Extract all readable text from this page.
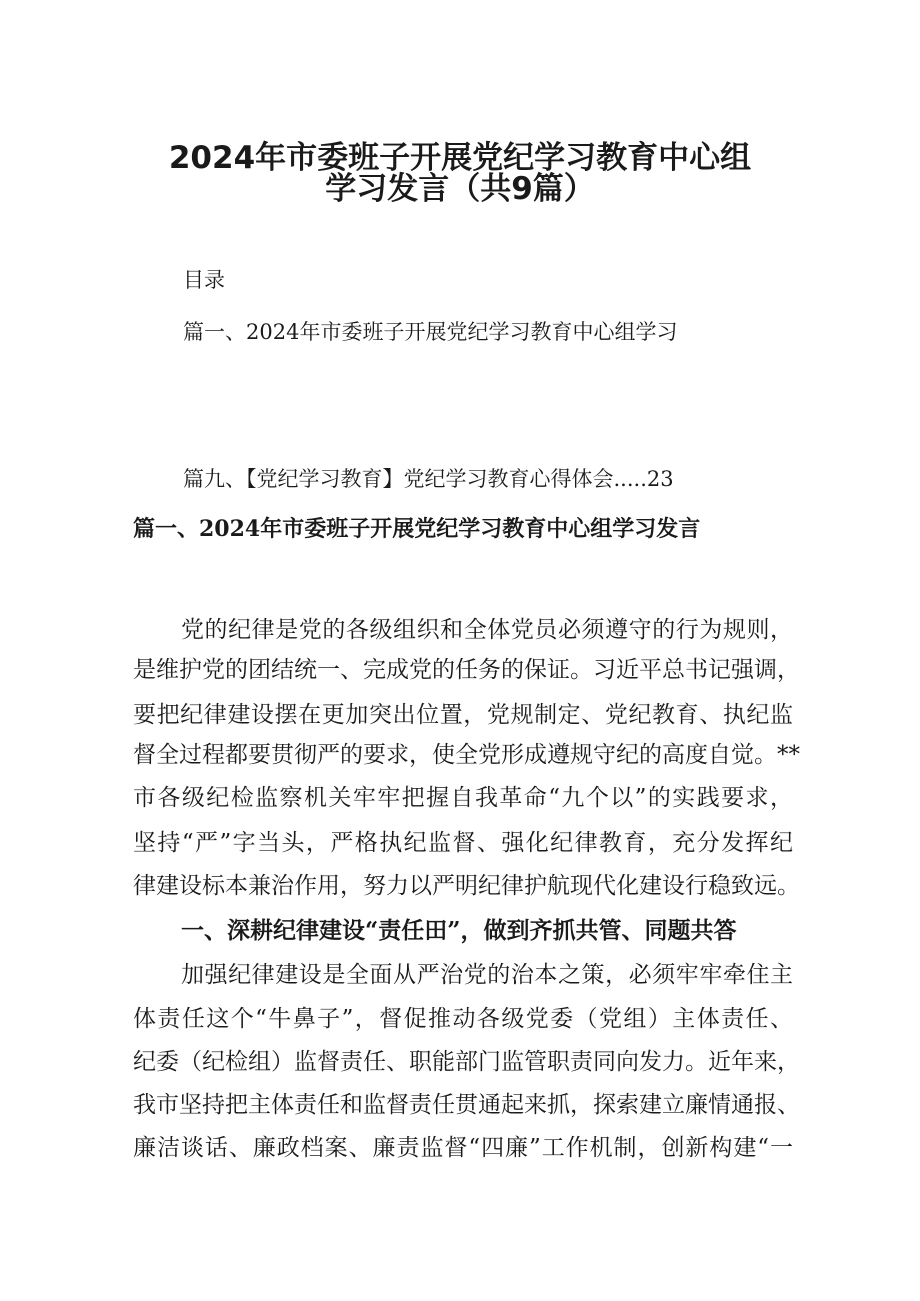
2024年市委班子开展党纪学习教育中心组
学习发言（共9篇）
目录
篇一、2024年市委班子开展党纪学习教育中心组学习
篇九、【党纪学习教育】党纪学习教育心得体会.....23
篇一、2024年市委班子开展党纪学习教育中心组学习发言
党的纪律是党的各级组织和全体党员必须遵守的行为规则，
是维护党的团结统一、完成党的任务的保证。习近平总书记强调，
要把纪律建设摆在更加突出位置，党规制定、党纪教育、执纪监
督全过程都要贯彻严的要求，使全党形成遵规守纪的高度自觉。**
市各级纪检监察机关牢牢把握自我革命“九个以”的实践要求，
坚持“严”字当头，严格执纪监督、强化纪律教育，充分发挥纪
律建设标本兼治作用，努力以严明纪律护航现代化建设行稳致远。
一、深耕纪律建设“责任田”，做到齐抓共管、同题共答
加强纪律建设是全面从严治党的治本之策，必须牢牢牵住主
体责任这个“牛鼻子”，督促推动各级党委（党组）主体责任、
纪委（纪检组）监督责任、职能部门监管职责同向发力。近年来，
我市坚持把主体责任和监督责任贯通起来抓，探索建立廉情通报、
廉洁谈话、廉政档案、廉责监督“四廉”工作机制，创新构建“一
